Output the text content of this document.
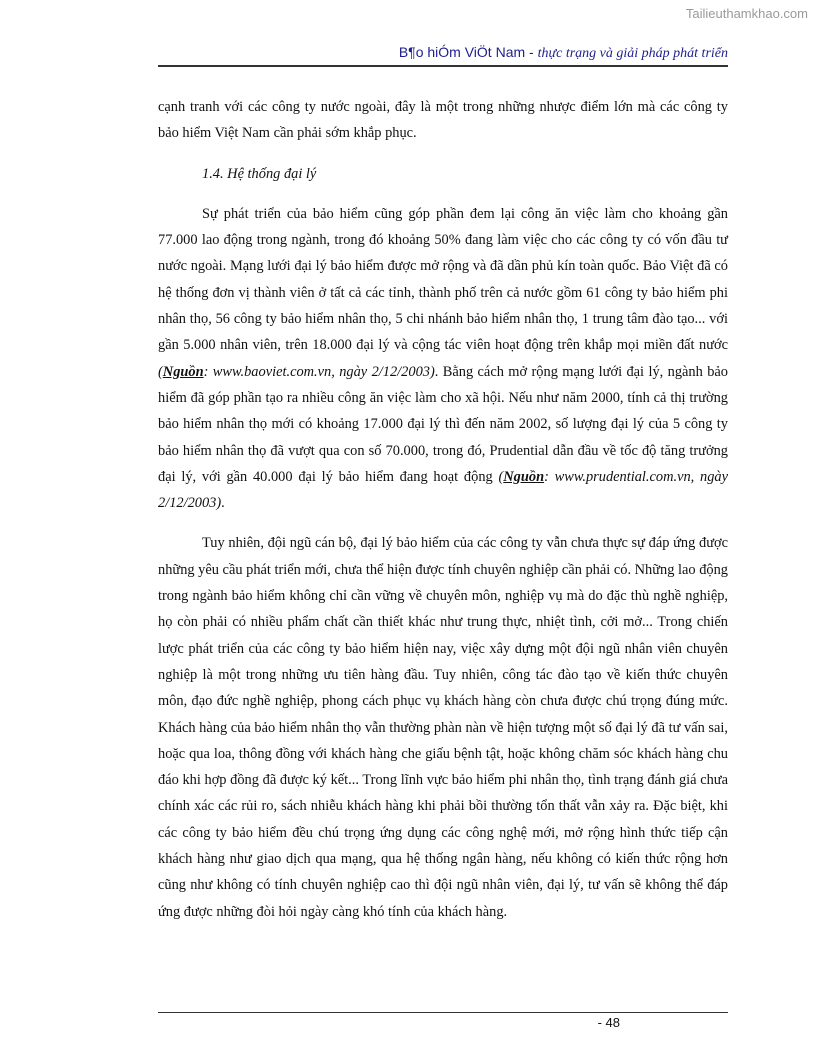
Tailieuthamkhao.com
B¶o hiÓm ViÖt Nam - thực trạng và giải pháp phát triển

cạnh tranh với các công ty nước ngoài, đây là một trong những nhược điểm lớn mà các công ty bảo hiểm Việt Nam cần phải sớm khắp phục.

1.4. Hệ thống đại lý

Sự phát triển của bảo hiểm cũng góp phần đem lại công ăn việc làm cho khoảng gần 77.000 lao động trong ngành, trong đó khoảng 50% đang làm việc cho các công ty có vốn đầu tư nước ngoài. Mạng lưới đại lý bảo hiểm được mở rộng và đã dần phủ kín toàn quốc. Bảo Việt đã có hệ thống đơn vị thành viên ở tất cả các tỉnh, thành phố trên cả nước gồm 61 công ty bảo hiểm phi nhân thọ, 56 công ty bảo hiểm nhân thọ, 5 chi nhánh bảo hiểm nhân thọ, 1 trung tâm đào tạo... với gần 5.000 nhân viên, trên 18.000 đại lý và cộng tác viên hoạt động trên khắp mọi miền đất nước (Nguồn: www.baoviet.com.vn, ngày 2/12/2003). Bằng cách mở rộng mạng lưới đại lý, ngành bảo hiểm đã góp phần tạo ra nhiều công ăn việc làm cho xã hội. Nếu như năm 2000, tính cả thị trường bảo hiểm nhân thọ mới có khoảng 17.000 đại lý thì đến năm 2002, số lượng đại lý của 5 công ty bảo hiểm nhân thọ đã vượt qua con số 70.000, trong đó, Prudential dẫn đầu về tốc độ tăng trưởng đại lý, với gần 40.000 đại lý bảo hiểm đang hoạt động (Nguồn: www.prudential.com.vn, ngày 2/12/2003).

Tuy nhiên, đội ngũ cán bộ, đại lý bảo hiểm của các công ty vẫn chưa thực sự đáp ứng được những yêu cầu phát triển mới, chưa thể hiện được tính chuyên nghiệp cần phải có. Những lao động trong ngành bảo hiểm không chỉ cần vững về chuyên môn, nghiệp vụ mà do đặc thù nghề nghiệp, họ còn phải có nhiều phẩm chất cần thiết khác như trung thực, nhiệt tình, cởi mở... Trong chiến lược phát triển của các công ty bảo hiểm hiện nay, việc xây dựng một đội ngũ nhân viên chuyên nghiệp là một trong những ưu tiên hàng đầu. Tuy nhiên, công tác đào tạo về kiến thức chuyên môn, đạo đức nghề nghiệp, phong cách phục vụ khách hàng còn chưa được chú trọng đúng mức. Khách hàng của bảo hiểm nhân thọ vẫn thường phàn nàn về hiện tượng một số đại lý đã tư vấn sai, hoặc qua loa, thông đồng với khách hàng che giấu bệnh tật, hoặc không chăm sóc khách hàng chu đáo khi hợp đồng đã được ký kết... Trong lĩnh vực bảo hiểm phi nhân thọ, tình trạng đánh giá chưa chính xác các rủi ro, sách nhiễu khách hàng khi phải bồi thường tổn thất vẫn xảy ra. Đặc biệt, khi các công ty bảo hiểm đều chú trọng ứng dụng các công nghệ mới, mở rộng hình thức tiếp cận khách hàng như giao dịch qua mạng, qua hệ thống ngân hàng, nếu không có kiến thức rộng hơn cũng như không có tính chuyên nghiệp cao thì đội ngũ nhân viên, đại lý, tư vấn sẽ không thể đáp ứng được những đòi hỏi ngày càng khó tính của khách hàng.

- 48
